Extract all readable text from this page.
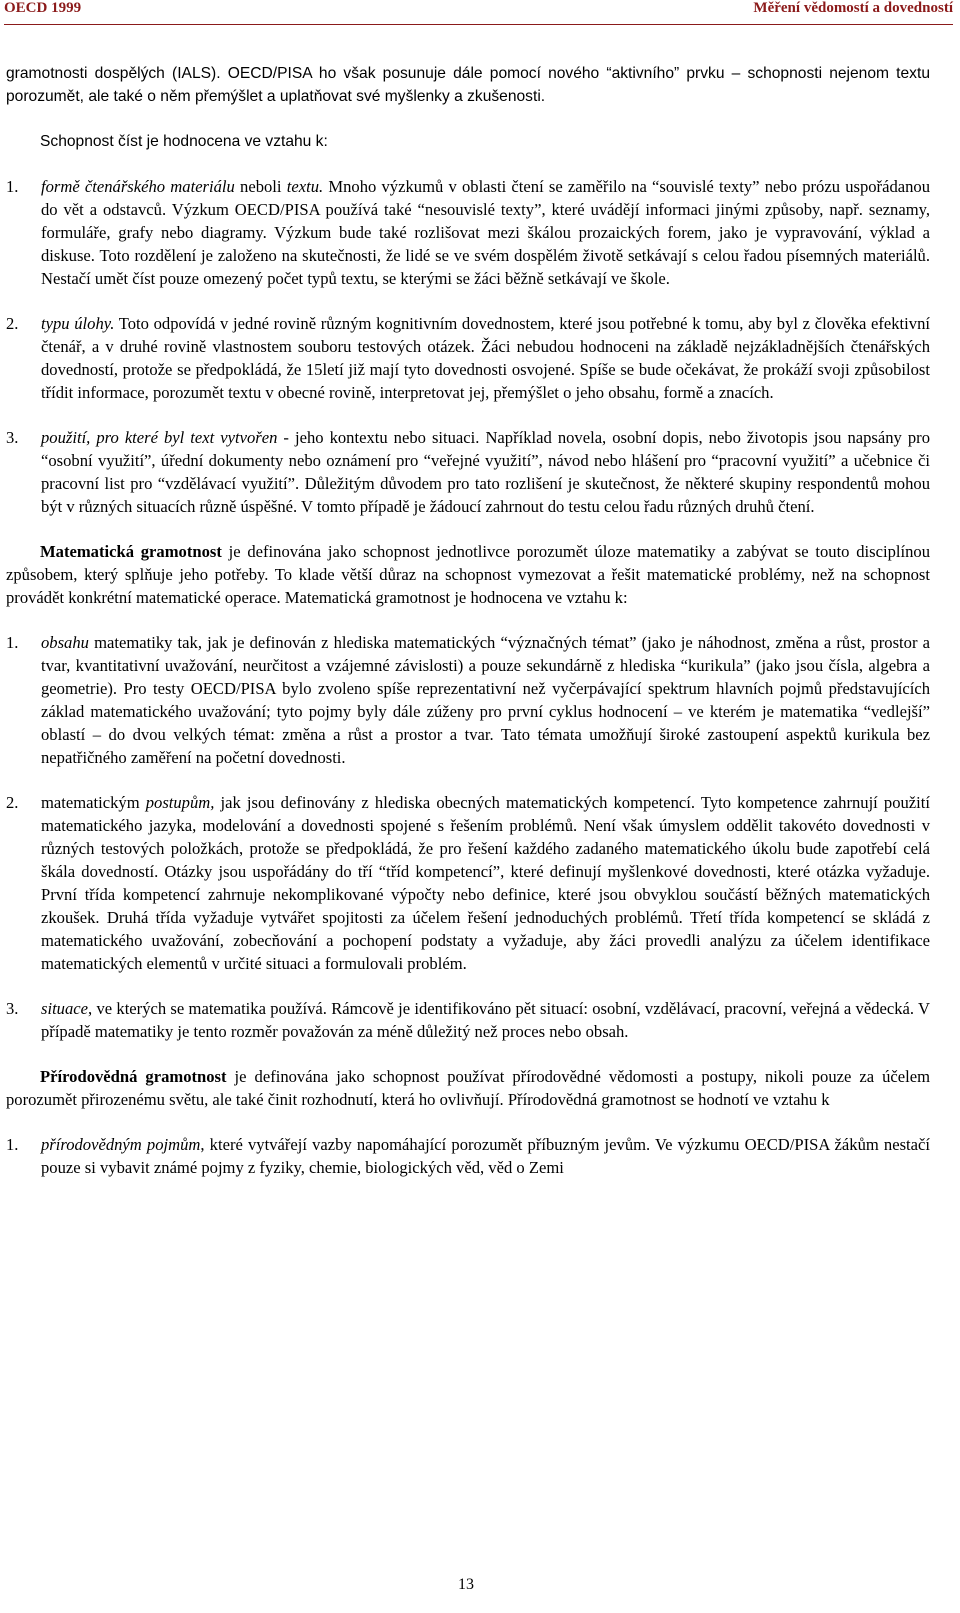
OECD 1999	Měření vědomostí a dovedností

gramotnosti dospělých (IALS). OECD/PISA ho však posunuje dále pomocí nového “aktivního” prvku – schopnosti nejenom textu porozumět, ale také o něm přemýšlet a uplatňovat své myšlenky a zkušenosti.

Schopnost číst je hodnocena ve vztahu k:

1. formě čtenářského materiálu neboli textu. Mnoho výzkumů v oblasti čtení se zaměřilo na “souvislé texty” nebo prózu uspořádanou do vět a odstavců. Výzkum OECD/PISA používá také “nesouvislé texty”, které uvádějí informaci jinými způsoby, např. seznamy, formuláře, grafy nebo diagramy. Výzkum bude také rozlišovat mezi škálou prozaických forem, jako je vypravování, výklad a diskuse. Toto rozdělení je založeno na skutečnosti, že lidé se ve svém dospělém životě setkávají s celou řadou písemných materiálů. Nestačí umět číst pouze omezený počet typů textu, se kterými se žáci běžně setkávají ve škole.
2. typu úlohy. Toto odpovídá v jedné rovině různým kognitivním dovednostem, které jsou potřebné k tomu, aby byl z člověka efektivní čtenář, a v druhé rovině vlastnostem souboru testových otázek. Žáci nebudou hodnoceni na základě nejzákladnějších čtenářských dovedností, protože se předpokládá, že 15letí již mají tyto dovednosti osvojené. Spíše se bude očekávat, že prokáží svoji způsobilost třídit informace, porozumět textu v obecné rovině, interpretovat jej, přemýšlet o jeho obsahu, formě a znacích.
3. použití, pro které byl text vytvořen - jeho kontextu nebo situaci. Například novela, osobní dopis, nebo životopis jsou napsány pro “osobní využití”, úřední dokumenty nebo oznámení pro “veřejné využití”, návod nebo hlášení pro “pracovní využití” a učebnice či pracovní list pro “vzdělávací využití”. Důležitým důvodem pro tato rozlišení je skutečnost, že některé skupiny respondentů mohou být v různých situacích různě úspěšné. V tomto případě je žádoucí zahrnout do testu celou řadu různých druhů čtení.

Matematická gramotnost je definována jako schopnost jednotlivce porozumět úloze matematiky a zabývat se touto disciplínou způsobem, který splňuje jeho potřeby. To klade větší důraz na schopnost vymezovat a řešit matematické problémy, než na schopnost provádět konkrétní matematické operace. Matematická gramotnost je hodnocena ve vztahu k:

1. obsahu matematiky tak, jak je definován z hlediska matematických “význačných témat” (jako je náhodnost, změna a růst, prostor a tvar, kvantitativní uvažování, neurčitost a vzájemné závislosti) a pouze sekundárně z hlediska “kurikula” (jako jsou čísla, algebra a geometrie). Pro testy OECD/PISA bylo zvoleno spíše reprezentativní než vyčerpávající spektrum hlavních pojmů představujících základ matematického uvažování; tyto pojmy byly dále zúženy pro první cyklus hodnocení – ve kterém je matematika “vedlejší” oblastí – do dvou velkých témat: změna a růst a prostor a tvar. Tato témata umožňují široké zastoupení aspektů kurikula bez nepatřičného zaměření na početní dovednosti.
2. matematickým postupům, jak jsou definovány z hlediska obecných matematických kompetencí. Tyto kompetence zahrnují použití matematického jazyka, modelování a dovednosti spojené s řešením problémů. Není však úmyslem oddělit takovéto dovednosti v různých testových položkách, protože se předpokládá, že pro řešení každého zadaného matematického úkolu bude zapotřebí celá škála dovedností. Otázky jsou uspořádány do tří “tříd kompetencí”, které definují myšlenkové dovednosti, které otázka vyžaduje. První třída kompetencí zahrnuje nekomplikované výpočty nebo definice, které jsou obvyklou součástí běžných matematických zkoušek. Druhá třída vyžaduje vytvářet spojitosti za účelem řešení jednoduchých problémů. Třetí třída kompetencí se skládá z matematického uvažování, zobecňování a pochopení podstaty a vyžaduje, aby žáci provedli analýzu za účelem identifikace matematických elementů v určité situaci a formulovali problém.
3. situace, ve kterých se matematika používá. Rámcově je identifikováno pět situací: osobní, vzdělávací, pracovní, veřejná a vědecká. V případě matematiky je tento rozměr považován za méně důležitý než proces nebo obsah.

Přírodovědná gramotnost je definována jako schopnost používat přírodovědné vědomosti a postupy, nikoli pouze za účelem porozumět přirozenému světu, ale také činit rozhodnutí, která ho ovlivňují. Přírodovědná gramotnost se hodnotí ve vztahu k

1. přírodovědným pojmům, které vytvářejí vazby napomáhající porozumět příbuzným jevům. Ve výzkumu OECD/PISA žákům nestačí pouze si vybavit známé pojmy z fyziky, chemie, biologických věd, věd o Zemi
13
